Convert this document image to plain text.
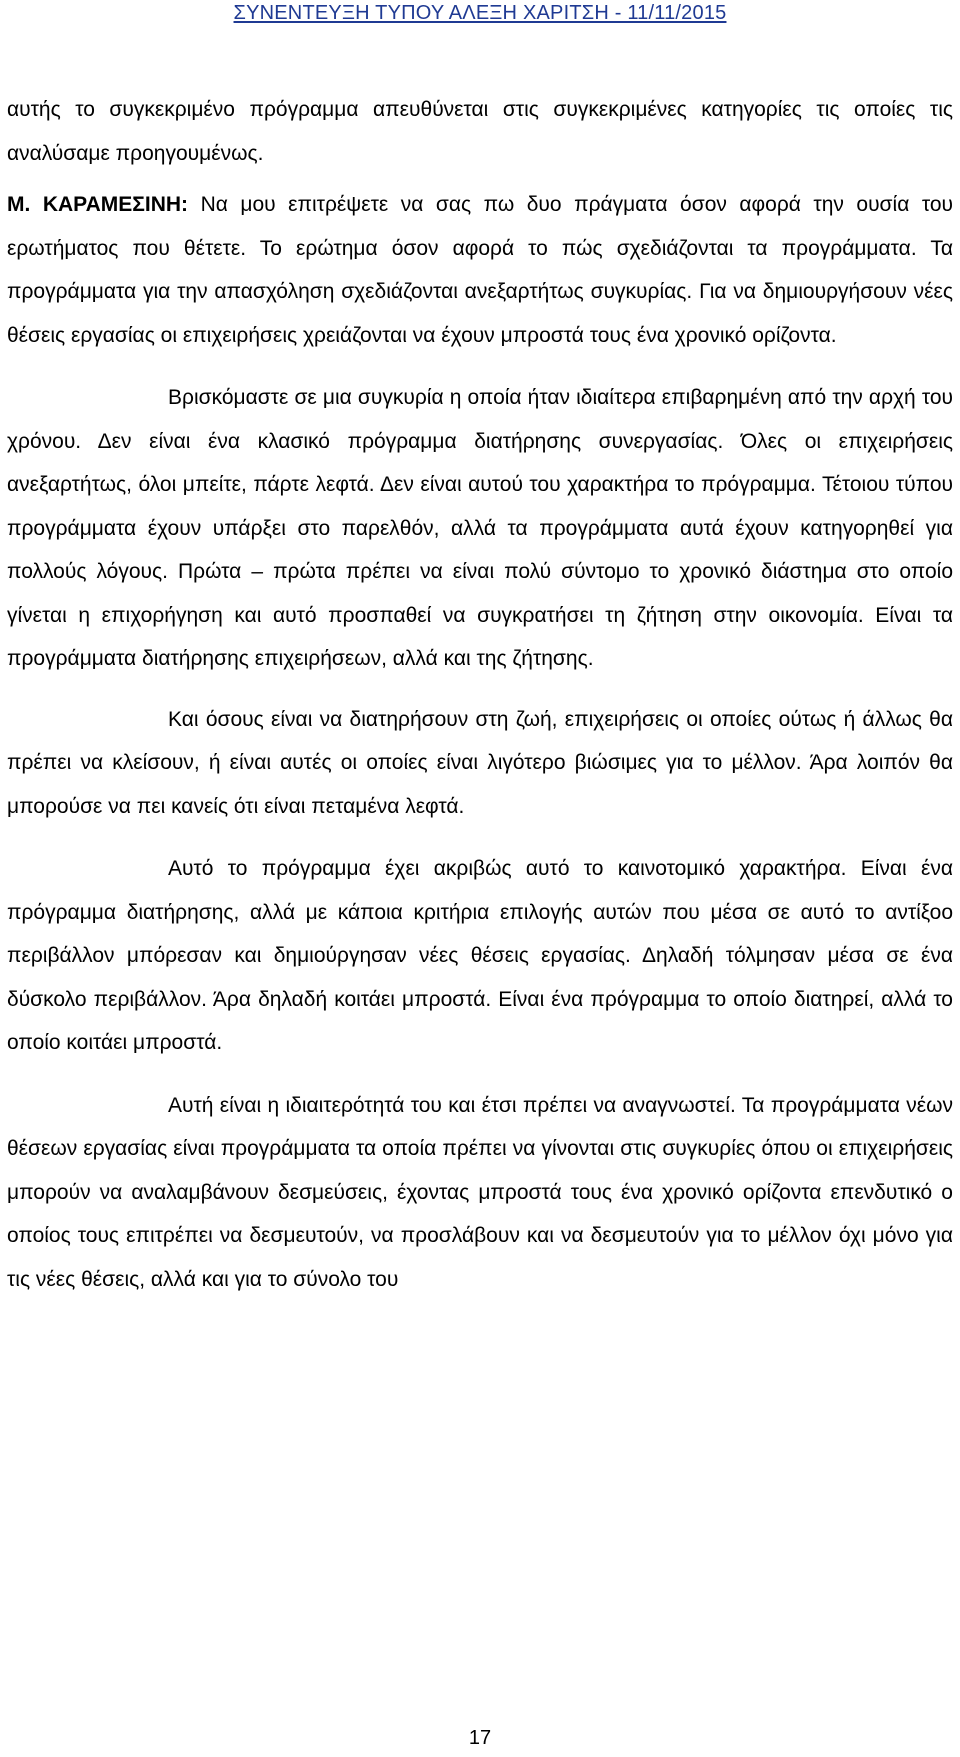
ΣΥΝΕΝΤΕΥΞΗ ΤΥΠΟΥ ΑΛΕΞΗ ΧΑΡΙΤΣΗ - 11/11/2015

αυτής το συγκεκριμένο πρόγραμμα απευθύνεται στις συγκεκριμένες κατηγορίες τις οποίες τις αναλύσαμε προηγουμένως.

Μ. ΚΑΡΑΜΕΣΙΝΗ: Να μου επιτρέψετε να σας πω δυο πράγματα όσον αφορά την ουσία του ερωτήματος που θέτετε. Το ερώτημα όσον αφορά το πώς σχεδιάζονται τα προγράμματα. Τα προγράμματα για την απασχόληση σχεδιάζονται ανεξαρτήτως συγκυρίας. Για να δημιουργήσουν νέες θέσεις εργασίας οι επιχειρήσεις χρειάζονται να έχουν μπροστά τους ένα χρονικό ορίζοντα.

Βρισκόμαστε σε μια συγκυρία η οποία ήταν ιδιαίτερα επιβαρημένη από την αρχή του χρόνου. Δεν είναι ένα κλασικό πρόγραμμα διατήρησης συνεργασίας. Όλες οι επιχειρήσεις ανεξαρτήτως, όλοι μπείτε, πάρτε λεφτά. Δεν είναι αυτού του χαρακτήρα το πρόγραμμα. Τέτοιου τύπου προγράμματα έχουν υπάρξει στο παρελθόν, αλλά τα προγράμματα αυτά έχουν κατηγορηθεί για πολλούς λόγους. Πρώτα – πρώτα πρέπει να είναι πολύ σύντομο το χρονικό διάστημα στο οποίο γίνεται η επιχορήγηση και αυτό προσπαθεί να συγκρατήσει τη ζήτηση στην οικονομία. Είναι τα προγράμματα διατήρησης επιχειρήσεων, αλλά και της ζήτησης.

Και όσους είναι να διατηρήσουν στη ζωή, επιχειρήσεις οι οποίες ούτως ή άλλως θα πρέπει να κλείσουν, ή είναι αυτές οι οποίες είναι λιγότερο βιώσιμες για το μέλλον. Άρα λοιπόν θα μπορούσε να πει κανείς ότι είναι πεταμένα λεφτά.

Αυτό το πρόγραμμα έχει ακριβώς αυτό το καινοτομικό χαρακτήρα. Είναι ένα πρόγραμμα διατήρησης, αλλά με κάποια κριτήρια επιλογής αυτών που μέσα σε αυτό το αντίξοο περιβάλλον μπόρεσαν και δημιούργησαν νέες θέσεις εργασίας. Δηλαδή τόλμησαν μέσα σε ένα δύσκολο περιβάλλον. Άρα δηλαδή κοιτάει μπροστά. Είναι ένα πρόγραμμα το οποίο διατηρεί, αλλά το οποίο κοιτάει μπροστά.

Αυτή είναι η ιδιαιτερότητά του και έτσι πρέπει να αναγνωστεί. Τα προγράμματα νέων θέσεων εργασίας είναι προγράμματα τα οποία πρέπει να γίνονται στις συγκυρίες όπου οι επιχειρήσεις μπορούν να αναλαμβάνουν δεσμεύσεις, έχοντας μπροστά τους ένα χρονικό ορίζοντα επενδυτικό ο οποίος τους επιτρέπει να δεσμευτούν, να προσλάβουν και να δεσμευτούν για το μέλλον όχι μόνο για τις νέες θέσεις, αλλά και για το σύνολο του

17
